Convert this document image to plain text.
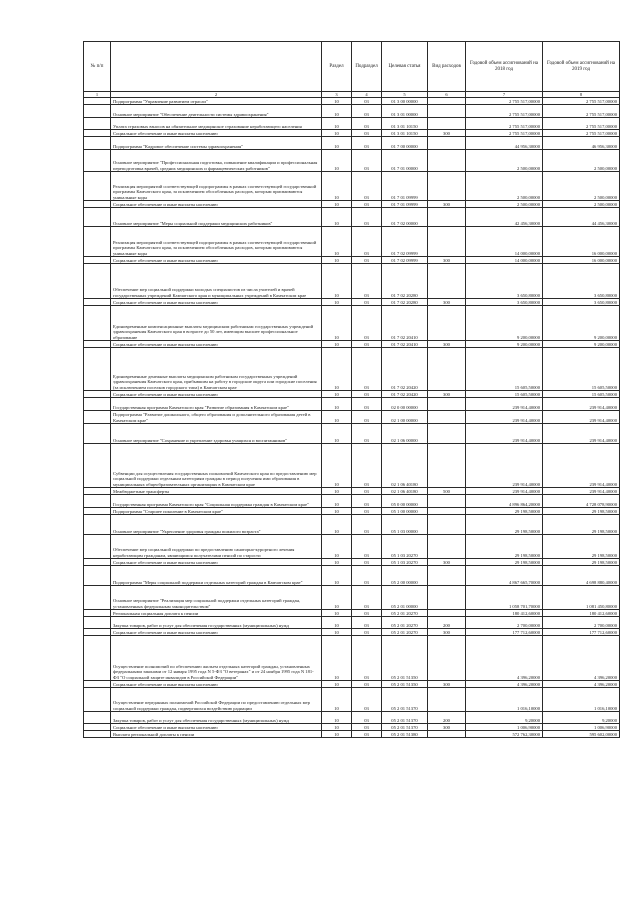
№ п/п		Раздел	Подраздел	Целевая статья	Вид расходов	Годовой объем ассигнований на 2018 год	Годовой объем ассигнований на 2019 год
1	2	3	4	5	6	7	8
	Подпрограмма "Управление развитием отрасли"	10	03	01 3 00 00000		2 755 517,00000	2 755 517,00000
	Основное мероприятие "Обеспечение деятельности системы здравоохранения"	10	03	01 3 01 00000		2 755 517,00000	2 755 517,00000
	Уплата страховых взносов на обязательное медицинское страхование неработающего населения	10	03	01 3 01 10150		2 755 517,00000	2 755 517,00000
	Социальное обеспечение и иные выплаты населению	10	03	01 3 01 10150	300	2 755 517,00000	2 755 517,00000
	Подпрограмма "Кадровое обеспечение системы здравоохранения"	10	03	01 7 00 00000		44 956,30000	46 956,30000
	Основное мероприятие "Профессиональная подготовка, повышение квалификации и профессиональная переподготовка врачей, средних медицинских и фармацевтических работников"	10	03	01 7 01 00000		2 500,00000	2 500,00000
	Реализация мероприятий соответствующей подпрограммы в рамках соответствующей государственной программы Камчатского края, за исключением обособленных расходов, которым присваиваются уникальные коды	10	03	01 7 01 09999		2 500,00000	2 500,00000
	Социальное обеспечение и иные выплаты населению	10	03	01 7 01 09999	300	2 500,00000	2 500,00000
	Основное мероприятие "Меры социальной поддержки медицинских работников"	10	03	01 7 02 00000		42 456,30000	44 456,30000
	Реализация мероприятий соответствующей подпрограммы в рамках соответствующей государственной программы Камчатского края, за исключением обособленных расходов, которым присваиваются уникальные коды	10	03	01 7 02 09999		14 000,00000	16 000,00000
	Социальное обеспечение и иные выплаты населению	10	03	01 7 02 09999	300	14 000,00000	16 000,00000
	Обеспечение мер социальной поддержки молодых специалистов из числа учителей и врачей государственных учреждений Камчатского края и муниципальных учреждений в Камчатском крае	10	03	01 7 02 20280		3 650,80000	3 650,80000
	Социальное обеспечение и иные выплаты населению	10	03	01 7 02 20280	300	3 650,80000	3 650,80000
	Единовременные компенсационные выплаты медицинским работникам государственных учреждений здравоохранения Камчатского края в возрасте до 50 лет, имеющим высшее профессиональное образование	10	03	01 7 02 20410		9 200,00000	9 200,00000
	Социальное обеспечение и иные выплаты населению	10	03	01 7 02 20410	300	9 200,00000	9 200,00000
	Единовременные денежные выплаты медицинским работникам государственных учреждений здравоохранения Камчатского края, прибывшим на работу в городские округа или городские поселения (за исключением поселков городского типа) в Камчатском крае	10	03	01 7 02 20420		15 605,50000	15 605,50000
	Социальное обеспечение и иные выплаты населению	10	03	01 7 02 20420	300	15 605,50000	15 605,50000
	Государственная программа Камчатского края "Развитие образования в Камчатском крае"	10	03	02 0 00 00000		239 914,40000	239 914,40000
	Подпрограмма "Развитие дошкольного, общего образования и дополнительного образования детей в Камчатском крае"	10	03	02 1 00 00000		239 914,40000	239 914,40000
	Основное мероприятие "Сохранение и укрепление здоровья учащихся и воспитанников"	10	03	02 1 06 00000		239 914,40000	239 914,40000
	Субвенции для осуществления государственных полномочий Камчатского края по предоставлению мер социальной поддержки отдельным категориям граждан в период получения ими образования в муниципальных общеобразовательных организациях в Камчатском крае	10	03	02 1 06 40180		239 914,40000	239 914,40000
	Межбюджетные трансферты	10	03	02 1 06 40180	500	239 914,40000	239 914,40000
	Государственная программа Камчатского края "Социальная поддержка граждан в Камчатском крае"	10	03	05 0 00 00000		4 896 864,20000	4 728 078,90000
	Подпрограмма "Старшее поколение в Камчатском крае"	10	03	05 1 00 00000		29 198,50000	29 198,50000
	Основное мероприятие "Укрепление здоровья граждан пожилого возраста"	10	03	05 1 03 00000		29 198,50000	29 198,50000
	Обеспечение мер социальной поддержки по предоставлению санаторно-курортного лечения неработающим гражданам, являющимся получателями пенсий по старости	10	03	05 1 03 20270		29 198,50000	29 198,50000
	Социальное обеспечение и иные выплаты населению	10	03	05 1 03 20270	300	29 198,50000	29 198,50000
	Подпрограмма "Меры социальной поддержки отдельных категорий граждан в Камчатском крае"	10	03	05 2 00 00000		4 867 665,70000	4 698 880,40000
	Основное мероприятие "Реализация мер социальной поддержки отдельных категорий граждан, установленных федеральным законодательством"	10	03	05 2 01 00000		1 058 701,70000	1 081 450,80000
	Региональная социальная доплата к пенсии	10	03	05 2 01 20270		180 412,60000	180 412,60000
	Закупка товаров, работ и услуг для обеспечения государственных (муниципальных) нужд	10	03	05 2 01 20270	200	2 700,00000	2 700,00000
	Социальное обеспечение и иные выплаты населению	10	03	05 2 01 20270	300	177 712,60000	177 712,60000
	Осуществление полномочий по обеспечению жильем отдельных категорий граждан, установленных федеральными законами от 12 января 1995 года N 5-ФЗ "О ветеранах" и от 24 ноября 1995 года N 181-ФЗ "О социальной защите инвалидов в Российской Федерации"	10	03	05 2 01 51350		4 396,20000	4 396,20000
	Социальное обеспечение и иные выплаты населению	10	03	05 2 01 51350	300	4 396,20000	4 396,20000
	Осуществление переданных полномочий Российской Федерации по предоставлению отдельных мер социальной поддержки граждан, подвергшихся воздействию радиации	10	03	05 2 01 51370		1 016,10000	1 016,10000
	Закупка товаров, работ и услуг для обеспечения государственных (муниципальных) нужд	10	03	05 2 01 51370	200	9,20000	9,20000
	Социальное обеспечение и иные выплаты населению	10	03	05 2 01 51370	300	1 006,90000	1 006,90000
	Выплата региональной доплаты к пенсии	10	03	05 2 01 51380		572 762,30000	595 602,00000
